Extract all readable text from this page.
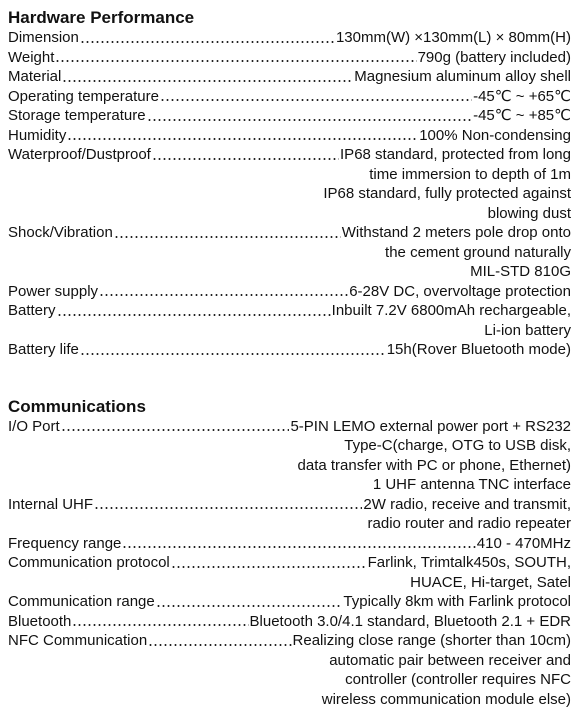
Hardware Performance
Dimension	130mm(W) ×130mm(L) × 80mm(H)
Weight	790g (battery included)
Material	Magnesium aluminum alloy shell
Operating temperature	-45℃ ~ +65℃
Storage temperature	-45℃ ~ +85℃
Humidity	100% Non-condensing
Waterproof/Dustproof	IP68 standard, protected from long
time immersion to depth of 1m
IP68 standard, fully protected against
blowing dust
Shock/Vibration	Withstand 2 meters pole drop onto
the cement ground naturally
MIL-STD 810G
Power supply	6-28V DC, overvoltage protection
Battery	Inbuilt 7.2V 6800mAh rechargeable,
Li-ion battery
Battery life	15h(Rover Bluetooth mode)
Communications
I/O Port	5-PIN LEMO external power port + RS232
Type-C(charge, OTG to USB disk,
data transfer with PC or phone, Ethernet)
1 UHF antenna TNC interface
Internal UHF	2W radio, receive and transmit,
radio router and radio repeater
Frequency range	410 - 470MHz
Communication protocol	Farlink, Trimtalk450s, SOUTH,
HUACE, Hi-target, Satel
Communication range	Typically 8km with Farlink protocol
Bluetooth	Bluetooth 3.0/4.1 standard, Bluetooth 2.1 + EDR
NFC Communication	Realizing close range (shorter than 10cm)
automatic pair between receiver and
controller (controller requires NFC
wireless communication module else)
